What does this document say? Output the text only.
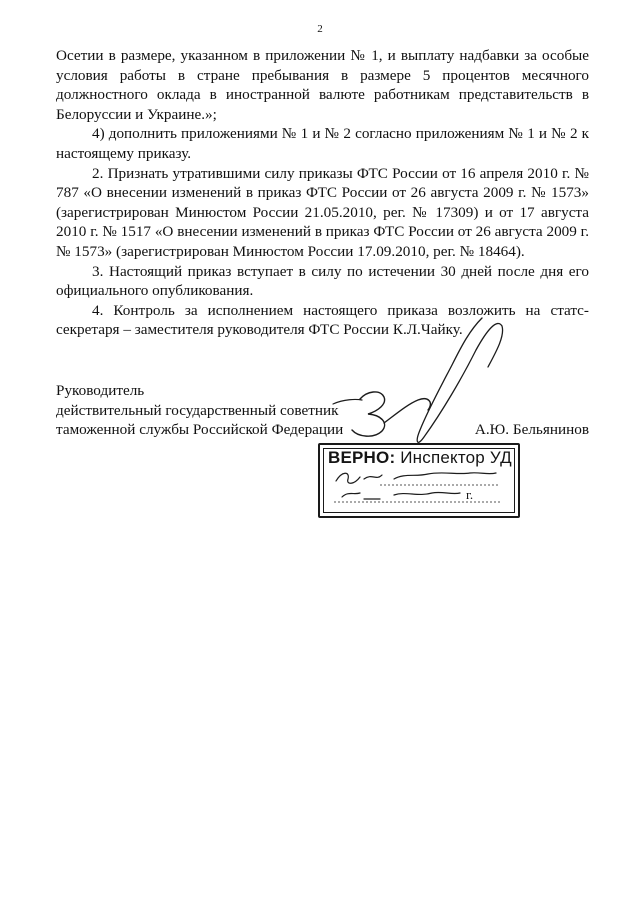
2

Осетии в размере, указанном в приложении № 1, и выплату надбавки за особые условия работы в стране пребывания в размере 5 процентов месячного должностного оклада в иностранной валюте работникам представительств в Белоруссии и Украине.»;

4) дополнить приложениями № 1 и № 2 согласно приложениям № 1 и № 2 к настоящему приказу.

2. Признать утратившими силу приказы ФТС России от 16 апреля 2010 г. № 787 «О внесении изменений в приказ ФТС России от 26 августа 2009 г. № 1573» (зарегистрирован Минюстом России 21.05.2010, рег. № 17309) и от 17 августа 2010 г. № 1517 «О внесении изменений в приказ ФТС России от 26 августа 2009 г. № 1573» (зарегистрирован Минюстом России 17.09.2010, рег. № 18464).

3. Настоящий приказ вступает в силу по истечении 30 дней после дня его официального опубликования.

4. Контроль за исполнением настоящего приказа возложить на статс-секретаря – заместителя руководителя ФТС России К.Л.Чайку.

Руководитель

действительный государственный советник

таможенной службы Российской Федерации	А.Ю. Бельянинов
ВЕРНО: Инспектор УД
г.
